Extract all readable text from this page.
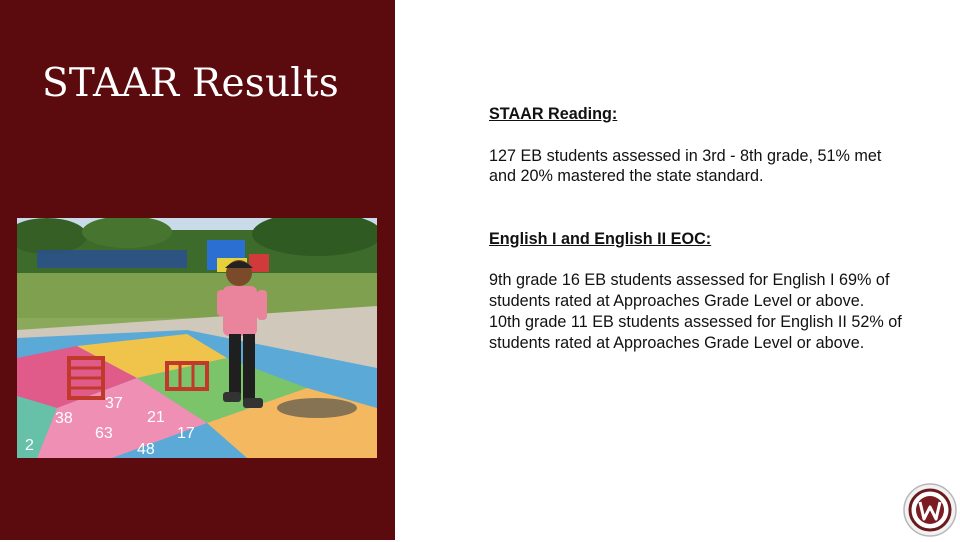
STAAR Results
38
63	17
37
48
2
21

STAAR Reading:

127 EB students assessed in 3rd - 8th grade, 51% met and 20% mastered the state standard.

English I and English II EOC:

9th grade 16 EB students assessed for English I 69% of students rated at Approaches Grade Level or above.

10th grade 11 EB students assessed for English II 52% of students rated at Approaches Grade Level or above.
